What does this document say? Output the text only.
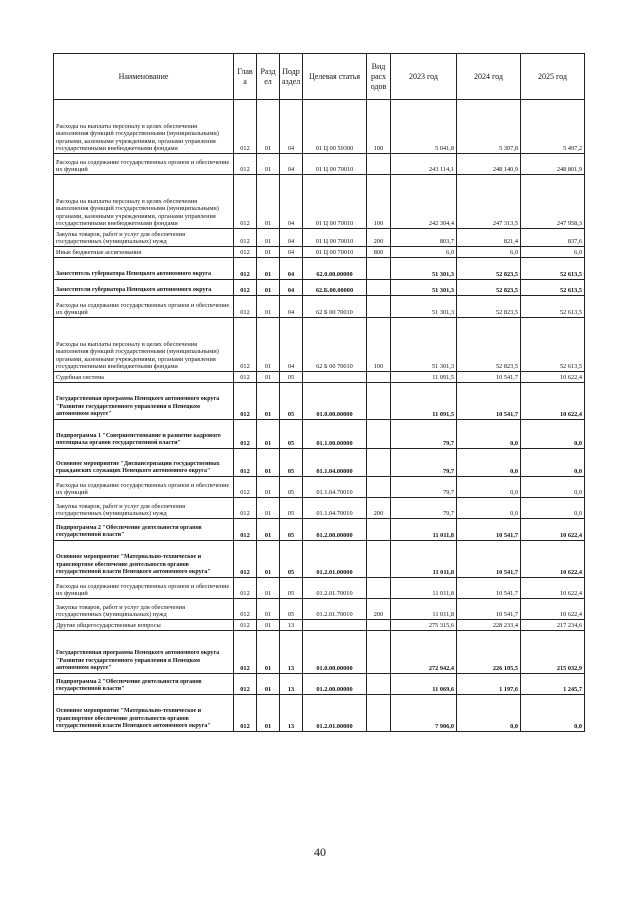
Наименование	Глав а	Разд ел	Подр аздел	Целевая статья	Вид расх одов	2023 год	2024 год	2025 год
Расходы на выплаты персоналу в целях обеспечения выполнения функций государственными (муниципальными) органами, казенными учреждениями, органами управления государственными внебюджетными фондами	012	01	04	01 Ц 00 59300	100	5 041,8	5 307,8	5 497,2
Расходы на содержание государственных органов и обеспечение их функций	012	01	04	01 Ц 00 70010		243 114,1	248 140,9	248 801,9
Расходы на выплаты персоналу в целях обеспечения выполнения функций государственными (муниципальными) органами, казенными учреждениями, органами управления государственными внебюджетными фондами	012	01	04	01 Ц 00 70010	100	242 304,4	247 313,5	247 958,3
Закупка товаров, работ и услуг для обеспечения государственных (муниципальных) нужд	012	01	04	01 Ц 00 70010	200	803,7	821,4	837,6
Иные бюджетные ассигнования	012	01	04	01 Ц 00 70010	800	6,0	6,0	6,0
Заместитель губернатора Ненецкого автономного округа	012	01	04	62.0.00.00000		51 301,3	52 823,5	52 613,5
Заместители губернатора Ненецкого автономного округа	012	01	04	62.Б.00.00000		51 301,3	52 823,5	52 613,5
Расходы на содержание государственных органов и обеспечение их функций	012	01	04	62 Б 00 70010		51 301,3	52 823,5	52 613,5
Расходы на выплаты персоналу в целях обеспечения выполнения функций государственными (муниципальными) органами, казенными учреждениями, органами управления государственными внебюджетными фондами	012	01	04	62 Б 00 70010	100	51 301,3	52 823,5	52 613,5
Судебная система	012	01	05			11 091,5	10 541,7	10 622,4
Государственная программа Ненецкого автономного округа "Развитие государственного управления в Ненецком автономном округе"	012	01	05	01.0.00.00000		11 091,5	10 541,7	10 622,4
Подпрограмма 1 "Совершенствование и развитие кадрового потенциала органов государственной власти"	012	01	05	01.1.00.00000		79,7	0,0	0,0
Основное мероприятие "Диспансеризация государственных гражданских служащих Ненецкого автономного округа"	012	01	05	01.1.04.00000		79,7	0,0	0,0
Расходы на содержание государственных органов и обеспечение их функций	012	01	05	01.1.04.70010		79,7	0,0	0,0
Закупка товаров, работ и услуг для обеспечения государственных (муниципальных) нужд	012	01	05	01.1.04.70010	200	79,7	0,0	0,0
Подпрограмма 2 "Обеспечение деятельности органов государственной власти"	012	01	05	01.2.00.00000		11 011,8	10 541,7	10 622,4
Основное мероприятие "Материально-техническое и транспортное обеспечение деятельности органов государственной власти Ненецкого автономного округа"	012	01	05	01.2.01.00000		11 011,8	10 541,7	10 622,4
Расходы на содержание государственных органов и обеспечение их функций	012	01	05	01.2.01.70010		11 011,8	10 541,7	10 622,4
Закупка товаров, работ и услуг для обеспечения государственных (муниципальных) нужд	012	01	05	01.2.01.70010	200	11 011,8	10 541,7	10 622,4
Другие общегосударственные вопросы	012	01	13			275 315,6	228 233,4	217 234,6
Государственная программа Ненецкого автономного округа "Развитие государственного управления в Ненецком автономном округе"	012	01	13	01.0.00.00000		272 942,4	226 105,5	215 032,9
Подпрограмма 2 "Обеспечение деятельности органов государственной власти"	012	01	13	01.2.00.00000		11 069,6	1 197,6	1 245,7
Основное мероприятие "Материально-техническое и транспортное обеспечение деятельности органов государственной власти Ненецкого автономного округа"	012	01	13	01.2.01.00000		7 906,0	0,0	0,0
40
